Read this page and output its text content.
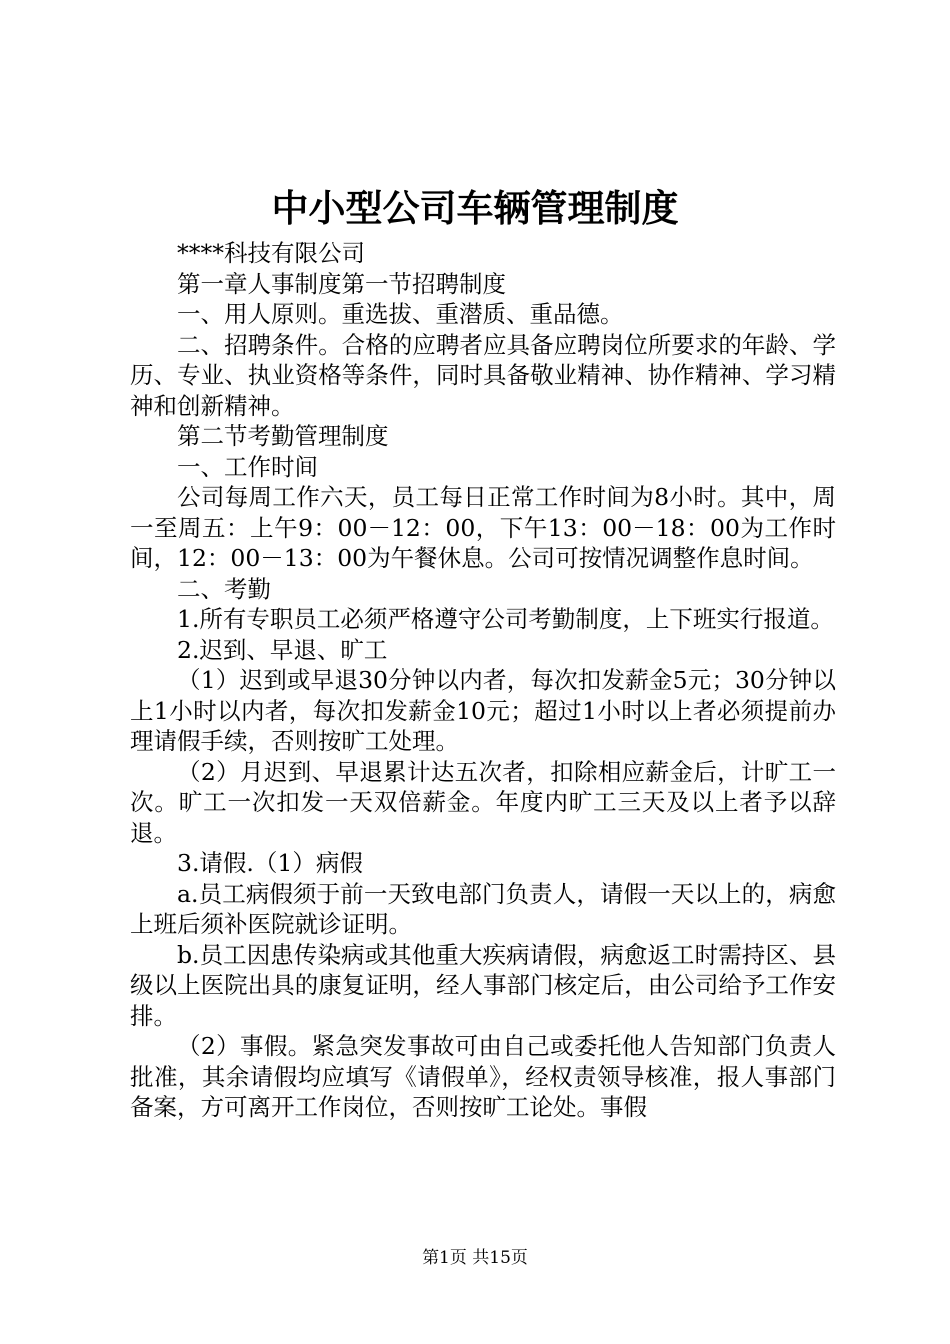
中小型公司车辆管理制度

****科技有限公司

第一章人事制度第一节招聘制度

一、用人原则。重选拔、重潜质、重品德。

二、招聘条件。合格的应聘者应具备应聘岗位所要求的年龄、学历、专业、执业资格等条件，同时具备敬业精神、协作精神、学习精神和创新精神。

第二节考勤管理制度

一、工作时间

公司每周工作六天，员工每日正常工作时间为8小时。其中，周一至周五：上午9：00－12：00，下午13：00－18：00为工作时间，12：00－13：00为午餐休息。公司可按情况调整作息时间。

二、考勤

1.所有专职员工必须严格遵守公司考勤制度，上下班实行报道。

2.迟到、早退、旷工

（1）迟到或早退30分钟以内者，每次扣发薪金5元；30分钟以上1小时以内者，每次扣发薪金10元；超过1小时以上者必须提前办理请假手续，否则按旷工处理。

（2）月迟到、早退累计达五次者，扣除相应薪金后，计旷工一次。旷工一次扣发一天双倍薪金。年度内旷工三天及以上者予以辞退。

3.请假.（1）病假

a.员工病假须于前一天致电部门负责人，请假一天以上的，病愈上班后须补医院就诊证明。

b.员工因患传染病或其他重大疾病请假，病愈返工时需持区、县级以上医院出具的康复证明，经人事部门核定后，由公司给予工作安排。

（2）事假。紧急突发事故可由自己或委托他人告知部门负责人批准，其余请假均应填写《请假单》，经权责领导核准，报人事部门备案，方可离开工作岗位，否则按旷工论处。事假

第1页 共15页
